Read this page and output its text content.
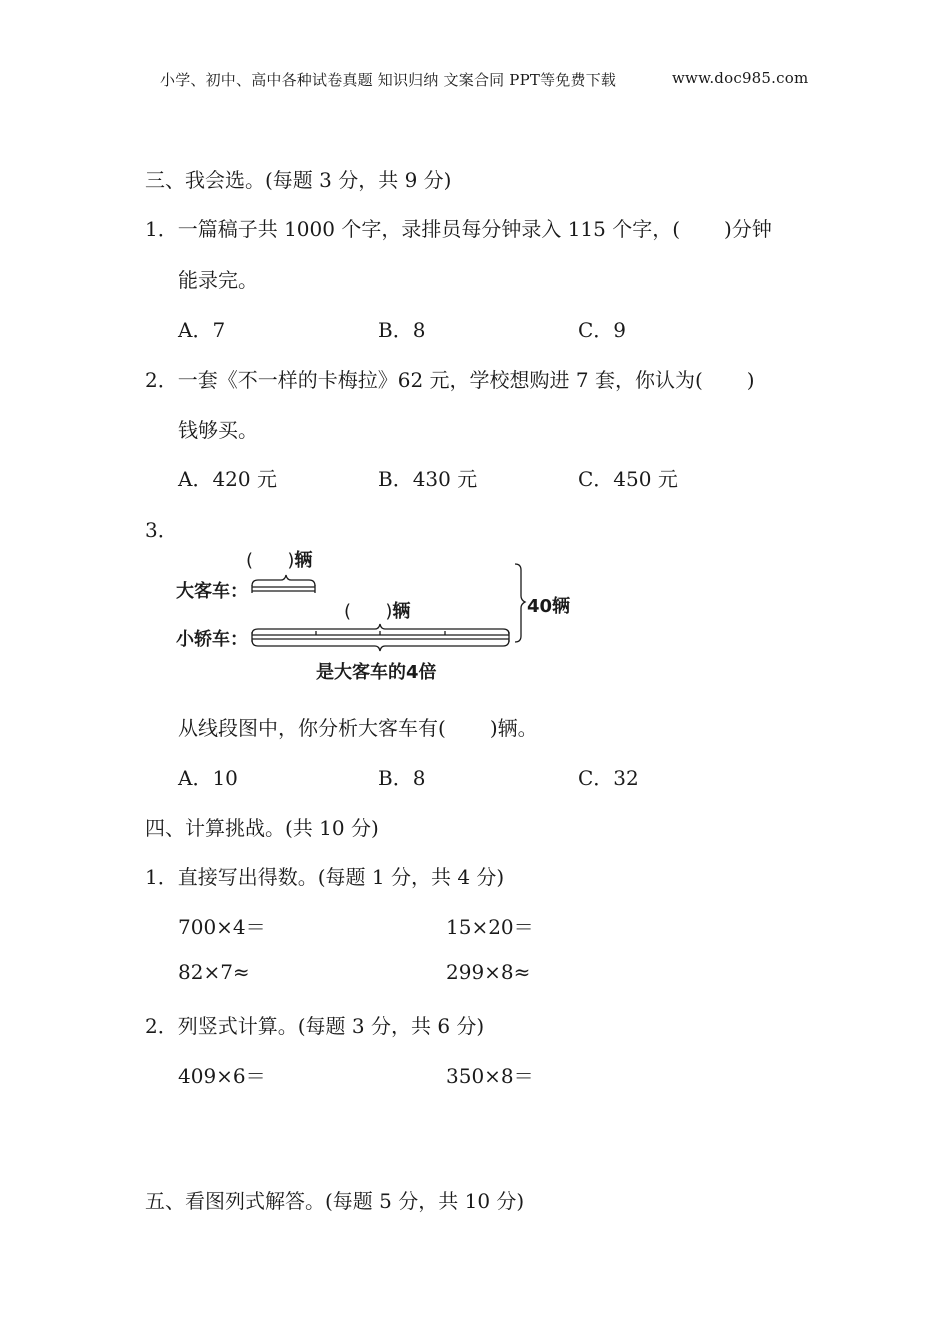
小学、初中、高中各种试卷真题 知识归纳 文案合同 PPT等免费下载	www.doc985.com
三、我会选。(每题 3 分，共 9 分)
1．一篇稿子共 1000 个字，录排员每分钟录入 115 个字，( )分钟
能录完。
A．7	B．8	C．9
2．一套《不一样的卡梅拉》62 元，学校想购进 7 套，你认为( )
钱够买。
A．420 元	B．430 元	C．450 元
3．
大客车：
小轿车：
(      )辆
(      )辆	40辆
是大客车的4倍
从线段图中，你分析大客车有( )辆。
A．10	B．8	C．32
四、计算挑战。(共 10 分)
1．直接写出得数。(每题 1 分，共 4 分)
700×4＝	15×20＝
82×7≈	299×8≈
2．列竖式计算。(每题 3 分，共 6 分)
409×6＝	350×8＝
五、看图列式解答。(每题 5 分，共 10 分)
